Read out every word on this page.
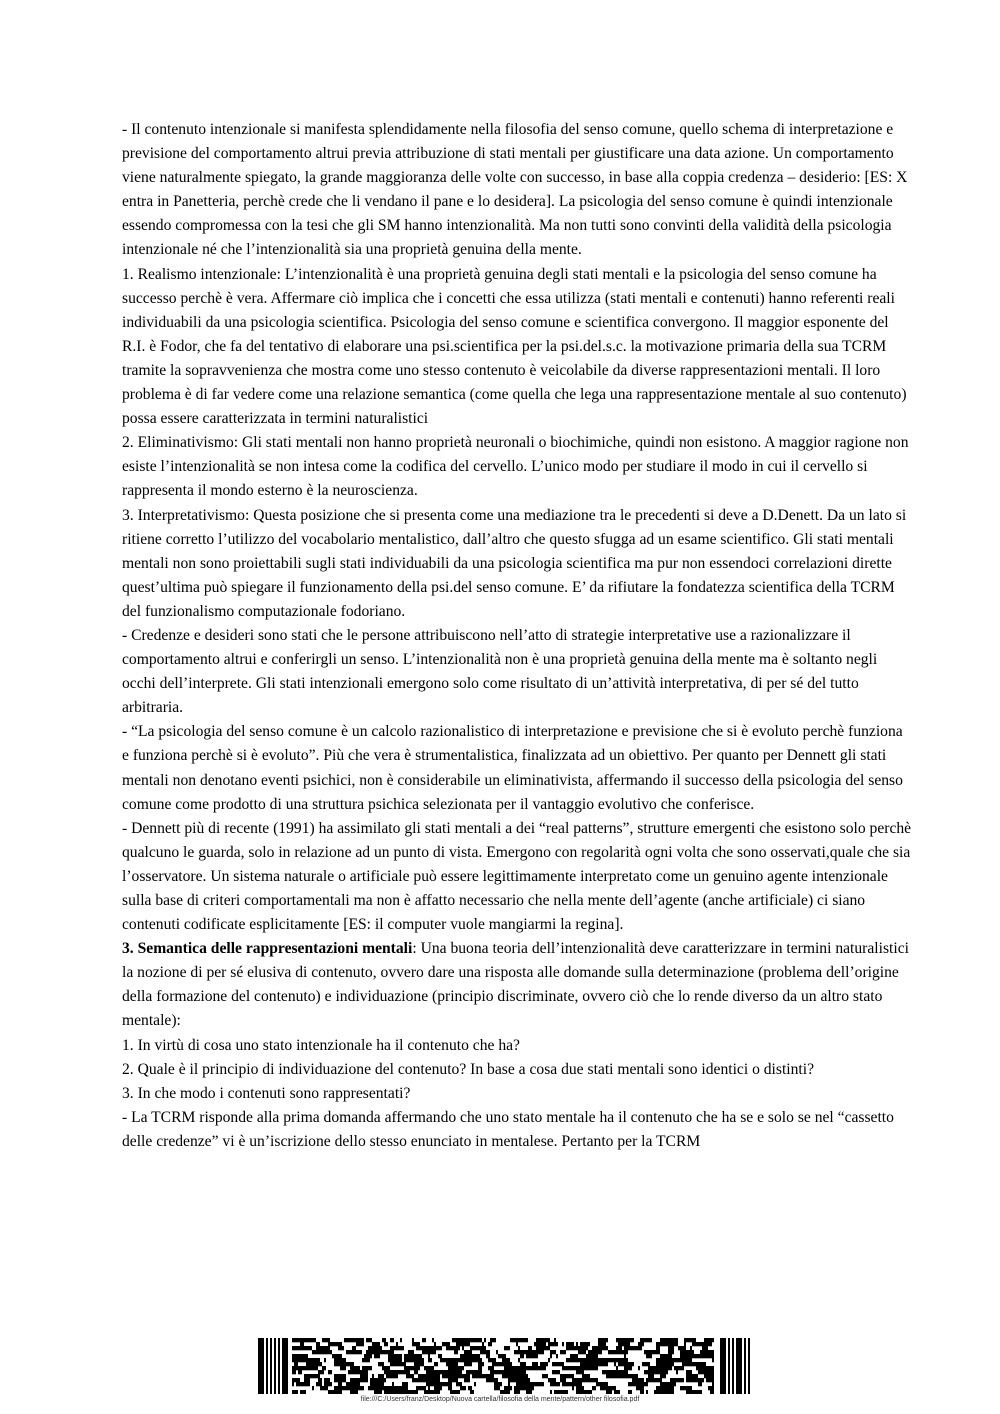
- Il contenuto intenzionale si manifesta splendidamente nella filosofia del senso comune, quello schema di interpretazione e previsione del comportamento altrui previa attribuzione di stati mentali per giustificare una data azione. Un comportamento viene naturalmente spiegato, la grande maggioranza delle volte con successo, in base alla coppia credenza – desiderio: [ES: X entra in Panetteria, perchè crede che li vendano il pane e lo desidera]. La psicologia del senso comune è quindi intenzionale essendo compromessa con la tesi che gli SM hanno intenzionalità. Ma non tutti sono convinti della validità della psicologia intenzionale né che l’intenzionalità sia una proprietà genuina della mente.

1. Realismo intenzionale: L’intenzionalità è una proprietà genuina degli stati mentali e la psicologia del senso comune ha successo perchè è vera. Affermare ciò implica che i concetti che essa utilizza (stati mentali e contenuti) hanno referenti reali individuabili da una psicologia scientifica. Psicologia del senso comune e scientifica convergono. Il maggior esponente del R.I. è Fodor, che fa del tentativo di elaborare una psi.scientifica per la psi.del.s.c. la motivazione primaria della sua TCRM tramite la sopravvenienza che mostra come uno stesso contenuto è veicolabile da diverse rappresentazioni mentali. Il loro problema è di far vedere come una relazione semantica (come quella che lega una rappresentazione mentale al suo contenuto) possa essere caratterizzata in termini naturalistici

2. Eliminativismo: Gli stati mentali non hanno proprietà neuronali o biochimiche, quindi non esistono. A maggior ragione non esiste l’intenzionalità se non intesa come la codifica del cervello. L’unico modo per studiare il modo in cui il cervello si rappresenta il mondo esterno è la neuroscienza.

3. Interpretativismo: Questa posizione che si presenta come una mediazione tra le precedenti si deve a D.Denett. Da un lato si ritiene corretto l’utilizzo del vocabolario mentalistico, dall’altro che questo sfugga ad un esame scientifico. Gli stati mentali mentali non sono proiettabili sugli stati individuabili da una psicologia scientifica ma pur non essendoci correlazioni dirette quest’ultima può spiegare il funzionamento della psi.del senso comune. E’ da rifiutare la fondatezza scientifica della TCRM del funzionalismo computazionale fodoriano.

- Credenze e desideri sono stati che le persone attribuiscono nell’atto di strategie interpretative use a razionalizzare il comportamento altrui e conferirgli un senso. L’intenzionalità non è una proprietà genuina della mente ma è soltanto negli occhi dell’interprete. Gli stati intenzionali emergono solo come risultato di un’attività interpretativa, di per sé del tutto arbitraria.

- “La psicologia del senso comune è un calcolo razionalistico di interpretazione e previsione che si è evoluto perchè funziona e funziona perchè si è evoluto”. Più che vera è strumentalistica, finalizzata ad un obiettivo. Per quanto per Dennett gli stati mentali non denotano eventi psichici, non è considerabile un eliminativista, affermando il successo della psicologia del senso comune come prodotto di una struttura psichica selezionata per il vantaggio evolutivo che conferisce.

- Dennett più di recente (1991) ha assimilato gli stati mentali a dei “real patterns”, strutture emergenti che esistono solo perchè qualcuno le guarda, solo in relazione ad un punto di vista. Emergono con regolarità ogni volta che sono osservati,quale che sia l’osservatore. Un sistema naturale o artificiale può essere legittimamente interpretato come un genuino agente intenzionale sulla base di criteri comportamentali ma non è affatto necessario che nella mente dell’agente (anche artificiale) ci siano contenuti codificate esplicitamente [ES: il computer vuole mangiarmi la regina].

3. Semantica delle rappresentazioni mentali: Una buona teoria dell’intenzionalità deve caratterizzare in termini naturalistici la nozione di per sé elusiva di contenuto, ovvero dare una risposta alle domande sulla determinazione (problema dell’origine della formazione del contenuto) e individuazione (principio discriminate, ovvero ciò che lo rende diverso da un altro stato mentale):

1. In virtù di cosa uno stato intenzionale ha il contenuto che ha?

2. Quale è il principio di individuazione del contenuto? In base a cosa due stati mentali sono identici o distinti?

3. In che modo i contenuti sono rappresentati?

- La TCRM risponde alla prima domanda affermando che uno stato mentale ha il contenuto che ha se e solo se nel “cassetto delle credenze” vi è un’iscrizione dello stesso enunciato in mentalese. Pertanto per la TCRM

file:///C:/Users/franz/Desktop/Nuova cartella/filosofia della mente/pattern/other filosofia.pdf
